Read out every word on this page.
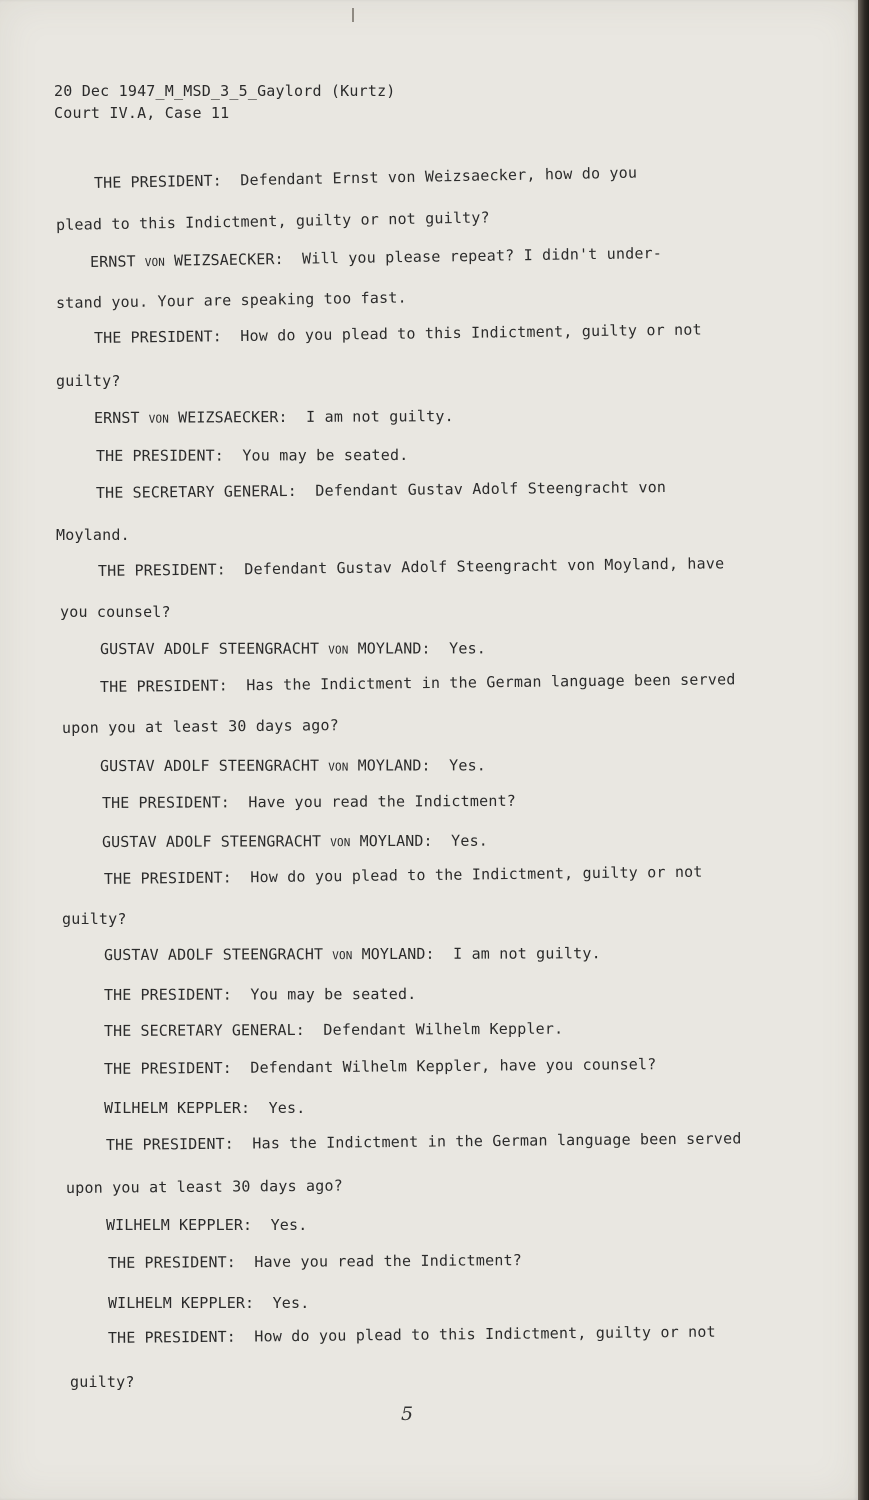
20 Dec 1947_M_MSD_3_5_Gaylord (Kurtz)
Court IV.A, Case 11
THE PRESIDENT: Defendant Ernst von Weizsaecker, how do you
plead to this Indictment, guilty or not guilty?
ERNST von WEIZSAECKER: Will you please repeat? I didn't under-
stand you. Your are speaking too fast.
THE PRESIDENT: How do you plead to this Indictment, guilty or not
guilty?
ERNST von WEIZSAECKER: I am not guilty.
THE PRESIDENT: You may be seated.
THE SECRETARY GENERAL: Defendant Gustav Adolf Steengracht von
Moyland.
THE PRESIDENT: Defendant Gustav Adolf Steengracht von Moyland, have
you counsel?
GUSTAV ADOLF STEENGRACHT von MOYLAND: Yes.
THE PRESIDENT: Has the Indictment in the German language been served
upon you at least 30 days ago?
GUSTAV ADOLF STEENGRACHT von MOYLAND: Yes.
THE PRESIDENT: Have you read the Indictment?
GUSTAV ADOLF STEENGRACHT von MOYLAND: Yes.
THE PRESIDENT: How do you plead to the Indictment, guilty or not
guilty?
GUSTAV ADOLF STEENGRACHT von MOYLAND: I am not guilty.
THE PRESIDENT: You may be seated.
THE SECRETARY GENERAL: Defendant Wilhelm Keppler.
THE PRESIDENT: Defendant Wilhelm Keppler, have you counsel?
WILHELM KEPPLER: Yes.
THE PRESIDENT: Has the Indictment in the German language been served
upon you at least 30 days ago?
WILHELM KEPPLER: Yes.
THE PRESIDENT: Have you read the Indictment?
WILHELM KEPPLER: Yes.
THE PRESIDENT: How do you plead to this Indictment, guilty or not
guilty?
5
